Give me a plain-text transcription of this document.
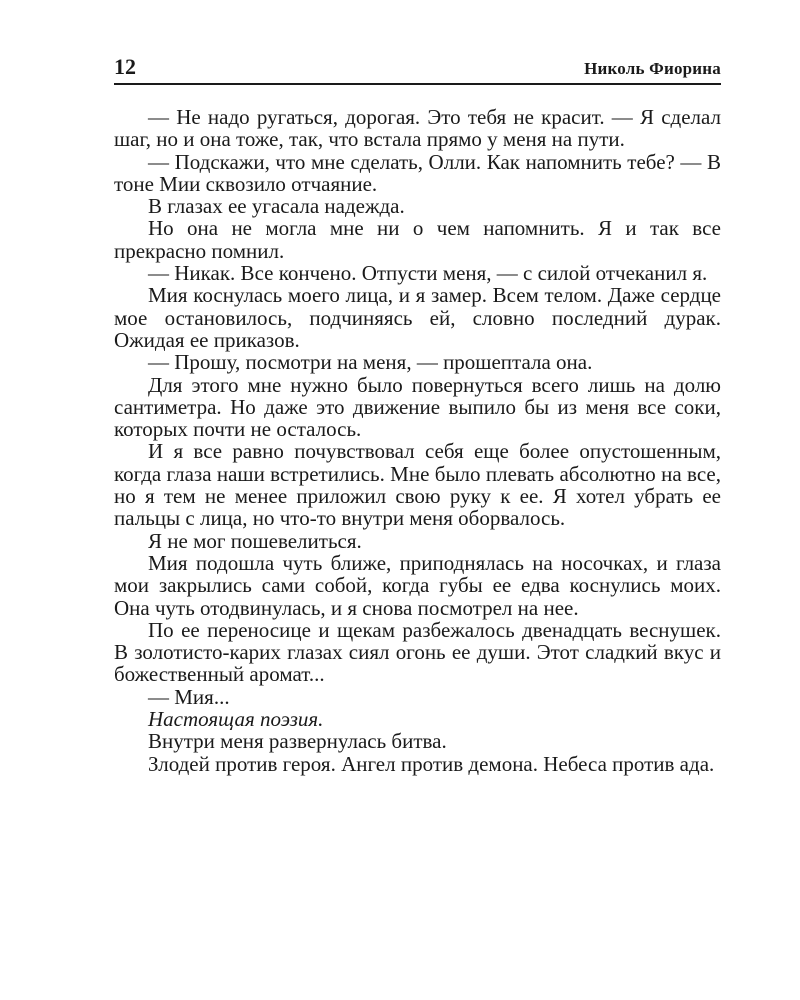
12	Николь Фиорина

— Не надо ругаться, дорогая. Это тебя не красит. — Я сделал шаг, но и она тоже, так, что встала прямо у меня на пути.

— Подскажи, что мне сделать, Олли. Как напомнить тебе? — В тоне Мии сквозило отчаяние.

В глазах ее угасала надежда.

Но она не могла мне ни о чем напомнить. Я и так все прекрасно помнил.

— Никак. Все кончено. Отпусти меня, — с силой отчеканил я.

Мия коснулась моего лица, и я замер. Всем телом. Даже сердце мое остановилось, подчиняясь ей, словно последний дурак. Ожидая ее приказов.

— Прошу, посмотри на меня, — прошептала она.

Для этого мне нужно было повернуться всего лишь на долю сантиметра. Но даже это движение выпило бы из меня все соки, которых почти не осталось.

И я все равно почувствовал себя еще более опустошенным, когда глаза наши встретились. Мне было плевать абсолютно на все, но я тем не менее приложил свою руку к ее. Я хотел убрать ее пальцы с лица, но что-то внутри меня оборвалось.

Я не мог пошевелиться.

Мия подошла чуть ближе, приподнялась на носочках, и глаза мои закрылись сами собой, когда губы ее едва коснулись моих. Она чуть отодвинулась, и я снова посмотрел на нее.

По ее переносице и щекам разбежалось двенадцать веснушек. В золотисто-карих глазах сиял огонь ее души. Этот сладкий вкус и божественный аромат...

— Мия...

Настоящая поэзия.

Внутри меня развернулась битва.

Злодей против героя. Ангел против демона. Небеса против ада.
